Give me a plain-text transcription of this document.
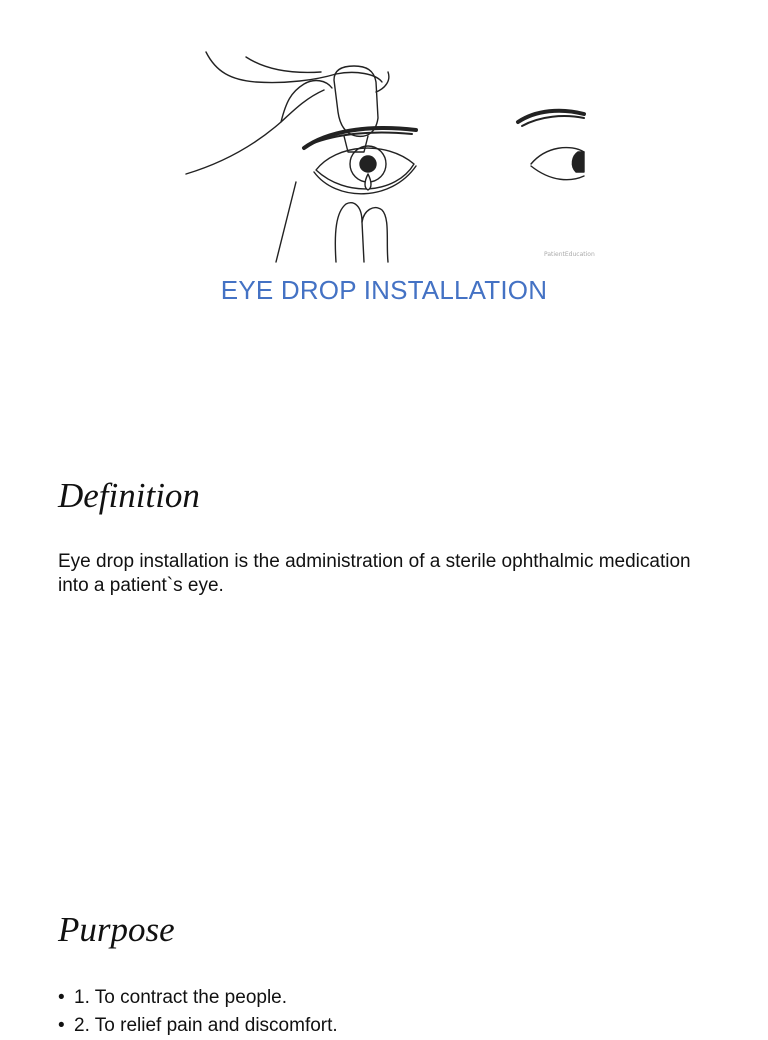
PatientEducation
EYE DROP INSTALLATION
Definition
Eye drop installation is the administration of a sterile ophthalmic medication into a patient`s eye.
Purpose
• 1. To contract the people.
• 2. To relief pain and discomfort.
